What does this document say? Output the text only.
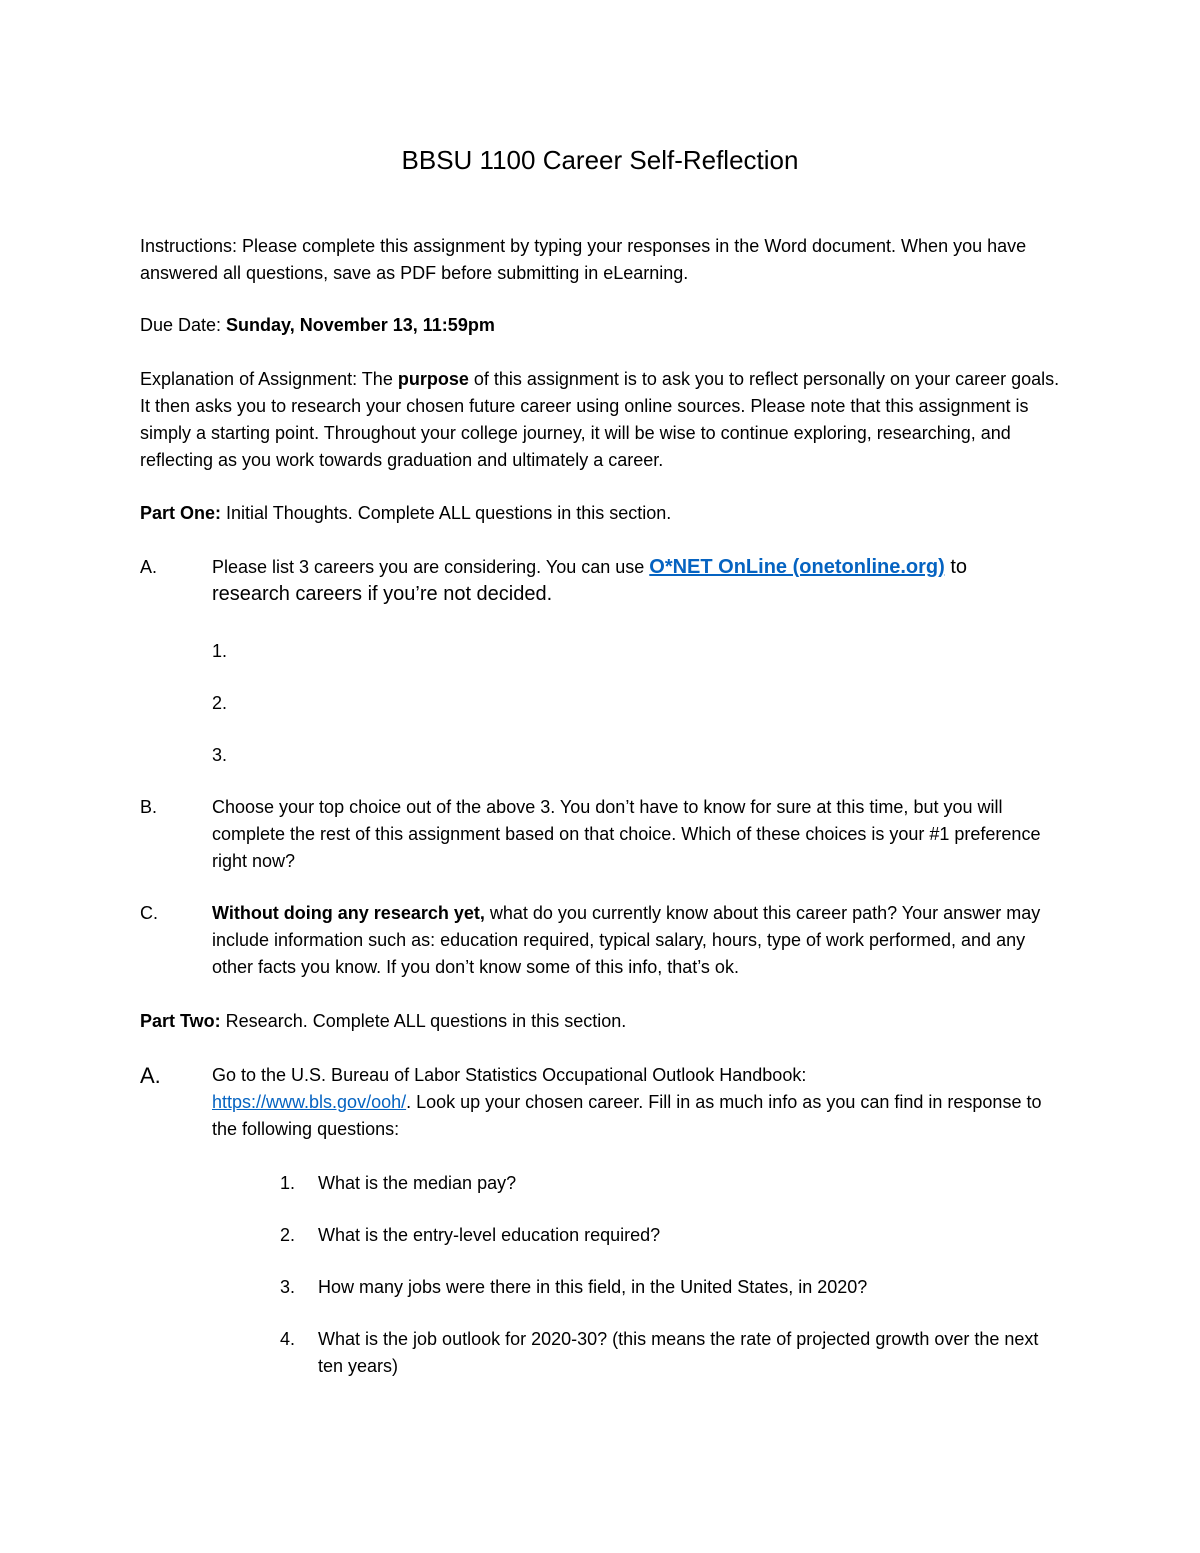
BBSU 1100 Career Self-Reflection
Instructions: Please complete this assignment by typing your responses in the Word document. When you have answered all questions, save as PDF before submitting in eLearning.
Due Date: Sunday, November 13, 11:59pm
Explanation of Assignment: The purpose of this assignment is to ask you to reflect personally on your career goals. It then asks you to research your chosen future career using online sources. Please note that this assignment is simply a starting point. Throughout your college journey, it will be wise to continue exploring, researching, and reflecting as you work towards graduation and ultimately a career.
Part One: Initial Thoughts. Complete ALL questions in this section.
A.	Please list 3 careers you are considering. You can use O*NET OnLine (onetonline.org) to
research careers if you’re not decided.
1.
2.
3.
B.	Choose your top choice out of the above 3. You don’t have to know for sure at this time, but you will complete the rest of this assignment based on that choice. Which of these choices is your #1 preference right now?
C.	Without doing any research yet, what do you currently know about this career path? Your answer may include information such as: education required, typical salary, hours, type of work performed, and any other facts you know. If you don’t know some of this info, that’s ok.
Part Two: Research. Complete ALL questions in this section.
A.	Go to the U.S. Bureau of Labor Statistics Occupational Outlook Handbook:
https://www.bls.gov/ooh/. Look up your chosen career. Fill in as much info as you can find in response to the following questions:
1.	What is the median pay?
2.	What is the entry-level education required?
3.	How many jobs were there in this field, in the United States, in 2020?
4.	What is the job outlook for 2020-30? (this means the rate of projected growth over the next ten years)
